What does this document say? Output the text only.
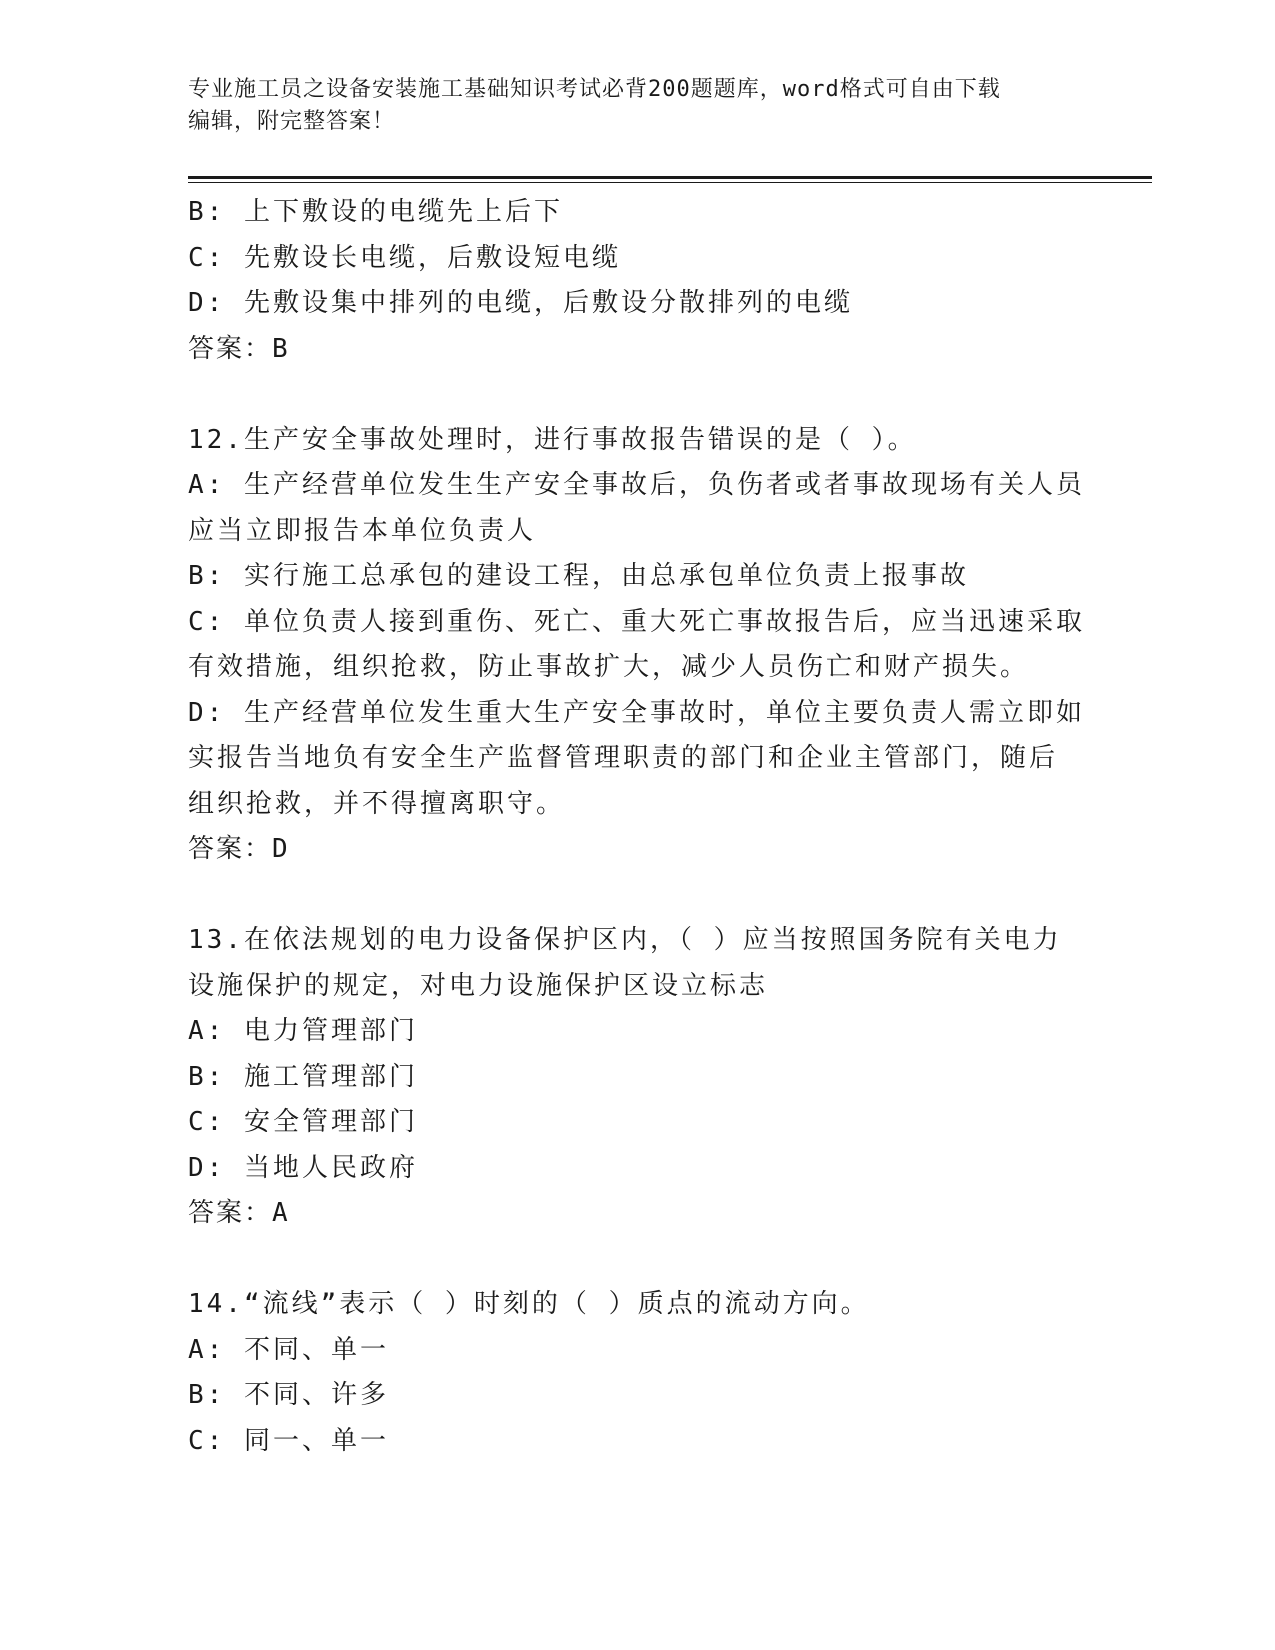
专业施工员之设备安装施工基础知识考试必背200题题库，word格式可自由下载
编辑，附完整答案！
B: 上下敷设的电缆先上后下
C: 先敷设长电缆，后敷设短电缆
D: 先敷设集中排列的电缆，后敷设分散排列的电缆
答案：B
12.生产安全事故处理时，进行事故报告错误的是（ ）。
A: 生产经营单位发生生产安全事故后，负伤者或者事故现场有关人员
应当立即报告本单位负责人
B: 实行施工总承包的建设工程，由总承包单位负责上报事故
C: 单位负责人接到重伤、死亡、重大死亡事故报告后，应当迅速采取
有效措施，组织抢救，防止事故扩大，减少人员伤亡和财产损失。
D: 生产经营单位发生重大生产安全事故时，单位主要负责人需立即如
实报告当地负有安全生产监督管理职责的部门和企业主管部门，随后
组织抢救，并不得擅离职守。
答案：D
13.在依法规划的电力设备保护区内，（ ）应当按照国务院有关电力
设施保护的规定，对电力设施保护区设立标志
A: 电力管理部门
B: 施工管理部门
C: 安全管理部门
D: 当地人民政府
答案：A
14.“流线”表示（ ）时刻的（ ）质点的流动方向。
A: 不同、单一
B: 不同、许多
C: 同一、单一
